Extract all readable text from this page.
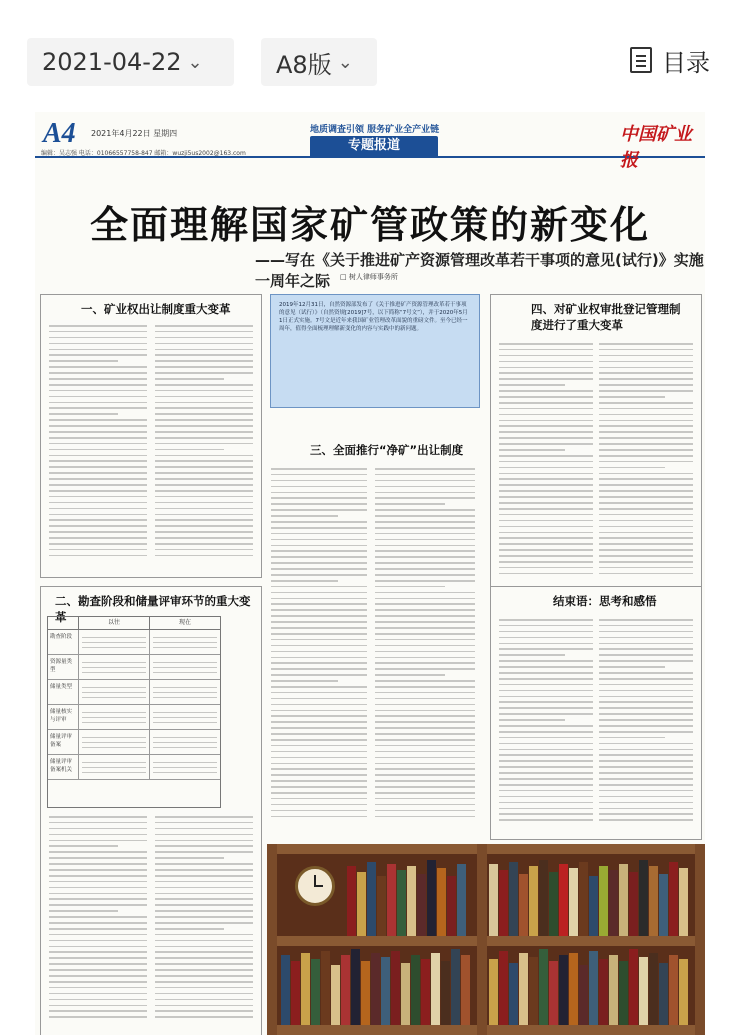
2021-04-22 ⌄	A8版 ⌄	目录
A4 2021年4月22日 星期四
编辑：吴志强 电话：01066557758-847 邮箱：wuzji5us2002@163.com
地质调查引领 服务矿业全产业链
专题报道
中国矿业报
全面理解国家矿管政策的新变化
——写在《关于推进矿产资源管理改革若干事项的意见(试行)》实施一周年之际	□ 树人律师事务所

2019年12月31日，自然资源部发布了《关于推进矿产资源管理改革若干事项的意见（试行）》（自然资规[2019]7号，以下简称“7号文”），并于2020年5月1日正式实施。7号文是近年来我国矿业管理改革面貌的重磅文件。至今已经一周年，值得全面梳理理解新变化的内容与实践中的新问题。

一、矿业权出让制度重大变革
二、勘查阶段和储量评审环节的重大变革	以往	现在
勘查阶段
资源量类型
储量类型
储量核实与评审
储量评审备案
储量评审备案机关
三、全面推行“净矿”出让制度
四、对矿业权审批登记管理制度进行了重大变革
结束语：思考和感悟
